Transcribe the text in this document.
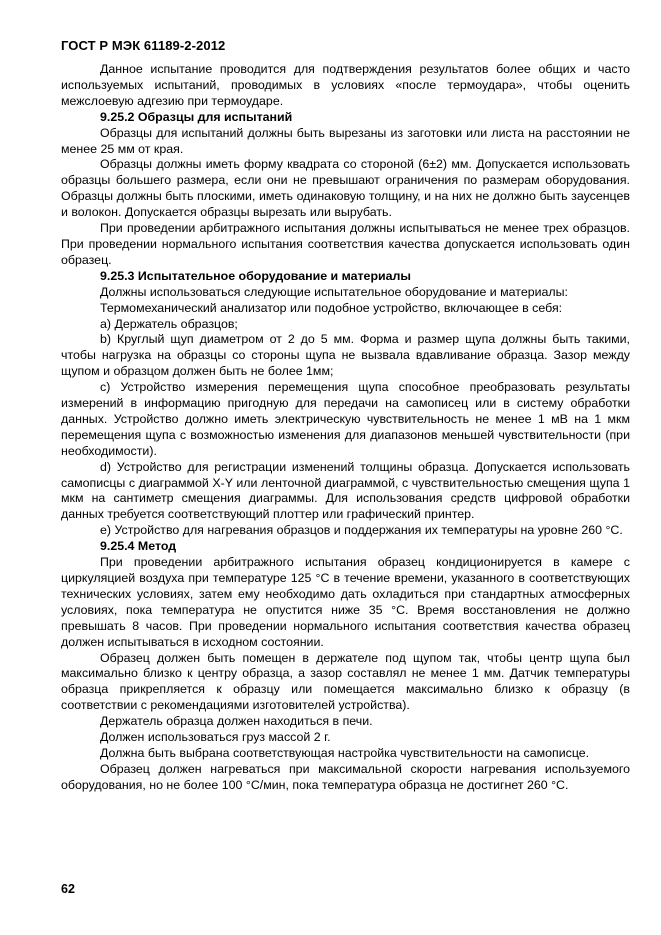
ГОСТ Р МЭК 61189-2-2012

Данное испытание проводится для подтверждения результатов более общих и часто используемых испытаний, проводимых в условиях «после термоудара», чтобы оценить межслоевую адгезию при термоударе.

9.25.2 Образцы для испытаний

Образцы для испытаний должны быть вырезаны из заготовки или листа на расстоянии не менее 25 мм от края.

Образцы должны иметь форму квадрата со стороной (6±2) мм. Допускается использовать образцы большего размера, если они не превышают ограничения по размерам оборудования. Образцы должны быть плоскими, иметь одинаковую толщину, и на них не должно быть заусенцев и волокон. Допускается образцы вырезать или вырубать.

При проведении арбитражного испытания должны испытываться не менее трех образцов. При проведении нормального испытания соответствия качества допускается использовать один образец.

9.25.3 Испытательное оборудование и материалы

Должны использоваться следующие испытательное оборудование и материалы:

Термомеханический анализатор или подобное устройство, включающее в себя:

а) Держатель образцов;

b) Круглый щуп диаметром от 2 до 5 мм. Форма и размер щупа должны быть такими, чтобы нагрузка на образцы со стороны щупа не вызвала вдавливание образца. Зазор между щупом и образцом должен быть не более 1мм;

c) Устройство измерения перемещения щупа способное преобразовать результаты измерений в информацию пригодную для передачи на самописец или в систему обработки данных. Устройство должно иметь электрическую чувствительность не менее 1 мВ на 1 мкм перемещения щупа с возможностью изменения для диапазонов меньшей чувствительности (при необходимости).

d) Устройство для регистрации изменений толщины образца. Допускается использовать самописцы с диаграммой X-Y или ленточной диаграммой, с чувствительностью смещения щупа 1 мкм на сантиметр смещения диаграммы. Для использования средств цифровой обработки данных требуется соответствующий плоттер или графический принтер.

e) Устройство для нагревания образцов и поддержания их температуры на уровне 260 °С.

9.25.4 Метод

При проведении арбитражного испытания образец кондиционируется в камере с циркуляцией воздуха при температуре 125 °С в течение времени, указанного в соответствующих технических условиях, затем ему необходимо дать охладиться при стандартных атмосферных условиях, пока температура не опустится ниже 35 °С. Время восстановления не должно превышать 8 часов. При проведении нормального испытания соответствия качества образец должен испытываться в исходном состоянии.

Образец должен быть помещен в держателе под щупом так, чтобы центр щупа был максимально близко к центру образца, а зазор составлял не менее 1 мм. Датчик температуры образца прикрепляется к образцу или помещается максимально близко к образцу (в соответствии с рекомендациями изготовителей устройства).

Держатель образца должен находиться в печи.

Должен использоваться груз массой 2 г.

Должна быть выбрана соответствующая настройка чувствительности на самописце.

Образец должен нагреваться при максимальной скорости нагревания используемого оборудования, но не более 100 °С/мин, пока температура образца не достигнет 260 °С.

62
